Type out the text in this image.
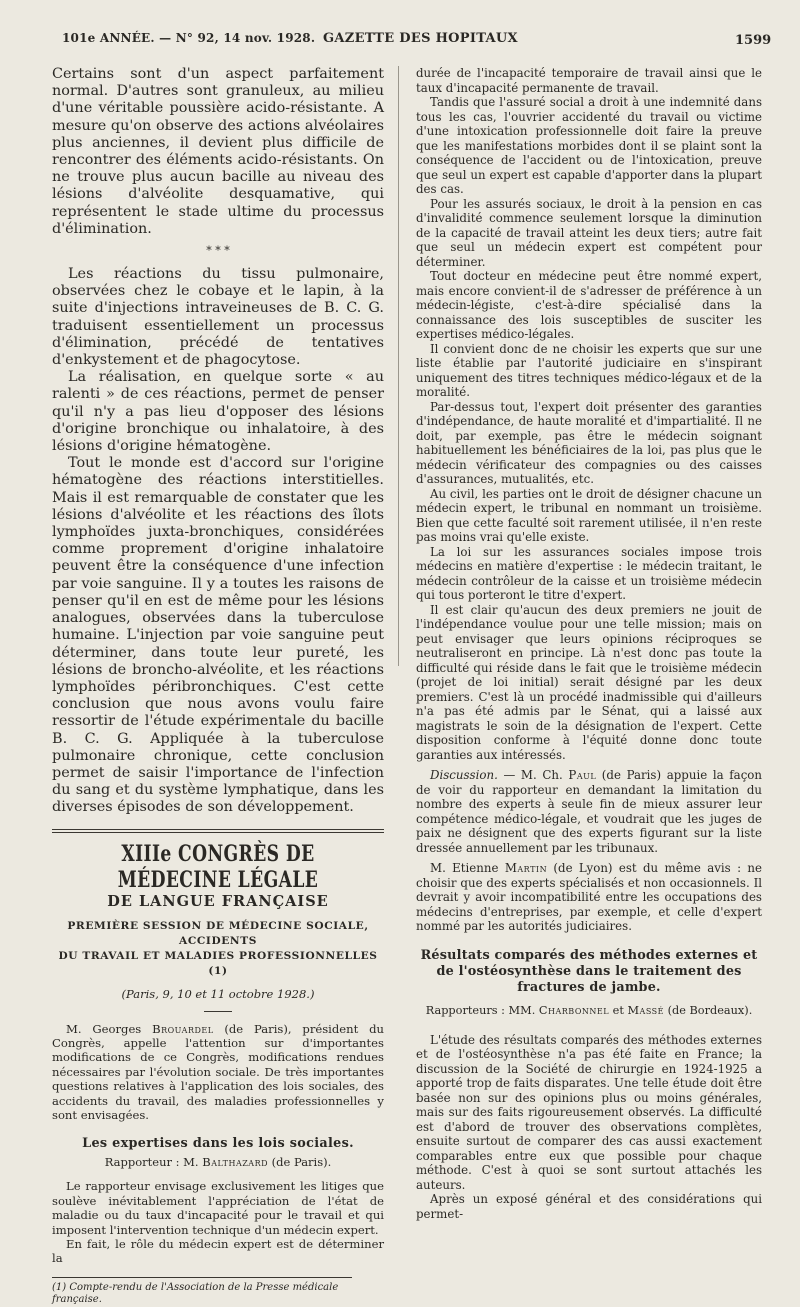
101e ANNÉE. — N° 92, 14 nov. 1928. GAZETTE DES HOPITAUX	1599

Certains sont d'un aspect parfaitement normal. D'autres sont granuleux, au milieu d'une véritable poussière acido-résistante. A mesure qu'on observe des actions alvéolaires plus anciennes, il devient plus difficile de rencontrer des éléments acido-résistants. On ne trouve plus aucun bacille au niveau des lésions d'alvéolite desquamative, qui représentent le stade ultime du processus d'élimination.

* * *

Les réactions du tissu pulmonaire, observées chez le cobaye et le lapin, à la suite d'injections intraveineuses de B. C. G. traduisent essentiellement un processus d'élimination, précédé de tentatives d'enkystement et de phagocytose.

La réalisation, en quelque sorte « au ralenti » de ces réactions, permet de penser qu'il n'y a pas lieu d'opposer des lésions d'origine bronchique ou inhalatoire, à des lésions d'origine hématogène.

Tout le monde est d'accord sur l'origine hématogène des réactions interstitielles. Mais il est remarquable de constater que les lésions d'alvéolite et les réactions des îlots lymphoïdes juxta-bronchiques, considérées comme proprement d'origine inhalatoire peuvent être la conséquence d'une infection par voie sanguine. Il y a toutes les raisons de penser qu'il en est de même pour les lésions analogues, observées dans la tuberculose humaine. L'injection par voie sanguine peut déterminer, dans toute leur pureté, les lésions de broncho-alvéolite, et les réactions lymphoïdes péribronchiques. C'est cette conclusion que nous avons voulu faire ressortir de l'étude expérimentale du bacille B. C. G. Appliquée à la tuberculose pulmonaire chronique, cette conclusion permet de saisir l'importance de l'infection du sang et du système lymphatique, dans les diverses épisodes de son développement.

XIIIe CONGRÈS DE MÉDECINE LÉGALE
DE LANGUE FRANÇAISE
PREMIÈRE SESSION DE MÉDECINE SOCIALE, ACCIDENTS
DU TRAVAIL ET MALADIES PROFESSIONNELLES (1)
(Paris, 9, 10 et 11 octobre 1928.)

M. Georges Brouardel (de Paris), président du Congrès, appelle l'attention sur d'importantes modifications de ce Congrès, modifications rendues nécessaires par l'évolution sociale. De très importantes questions relatives à l'application des lois sociales, des accidents du travail, des maladies professionnelles y sont envisagées.

Les expertises dans les lois sociales.
Rapporteur : M. Balthazard (de Paris).

Le rapporteur envisage exclusivement les litiges que soulève inévitablement l'appréciation de l'état de maladie ou du taux d'incapacité pour le travail et qui imposent l'intervention technique d'un médecin expert.

En fait, le rôle du médecin expert est de déterminer la

(1) Compte-rendu de l'Association de la Presse médicale française.

durée de l'incapacité temporaire de travail ainsi que le taux d'incapacité permanente de travail.

Tandis que l'assuré social a droit à une indemnité dans tous les cas, l'ouvrier accidenté du travail ou victime d'une intoxication professionnelle doit faire la preuve que les manifestations morbides dont il se plaint sont la conséquence de l'accident ou de l'intoxication, preuve que seul un expert est capable d'apporter dans la plupart des cas.

Pour les assurés sociaux, le droit à la pension en cas d'invalidité commence seulement lorsque la diminution de la capacité de travail atteint les deux tiers; autre fait que seul un médecin expert est compétent pour déterminer.

Tout docteur en médecine peut être nommé expert, mais encore convient-il de s'adresser de préférence à un médecin-légiste, c'est-à-dire spécialisé dans la connaissance des lois susceptibles de susciter les expertises médico-légales.

Il convient donc de ne choisir les experts que sur une liste établie par l'autorité judiciaire en s'inspirant uniquement des titres techniques médico-légaux et de la moralité.

Par-dessus tout, l'expert doit présenter des garanties d'indépendance, de haute moralité et d'impartialité. Il ne doit, par exemple, pas être le médecin soignant habituellement les bénéficiaires de la loi, pas plus que le médecin vérificateur des compagnies ou des caisses d'assurances, mutualités, etc.

Au civil, les parties ont le droit de désigner chacune un médecin expert, le tribunal en nommant un troisième. Bien que cette faculté soit rarement utilisée, il n'en reste pas moins vrai qu'elle existe.

La loi sur les assurances sociales impose trois médecins en matière d'expertise : le médecin traitant, le médecin contrôleur de la caisse et un troisième médecin qui tous porteront le titre d'expert.

Il est clair qu'aucun des deux premiers ne jouit de l'indépendance voulue pour une telle mission; mais on peut envisager que leurs opinions réciproques se neutraliseront en principe. Là n'est donc pas toute la difficulté qui réside dans le fait que le troisième médecin (projet de loi initial) serait désigné par les deux premiers. C'est là un procédé inadmissible qui d'ailleurs n'a pas été admis par le Sénat, qui a laissé aux magistrats le soin de la désignation de l'expert. Cette disposition conforme à l'équité donne donc toute garanties aux intéressés.

Discussion. — M. Ch. Paul (de Paris) appuie la façon de voir du rapporteur en demandant la limitation du nombre des experts à seule fin de mieux assurer leur compétence médico-légale, et voudrait que les juges de paix ne désignent que des experts figurant sur la liste dressée annuellement par les tribunaux.

M. Etienne Martin (de Lyon) est du même avis : ne choisir que des experts spécialisés et non occasionnels. Il devrait y avoir incompatibilité entre les occupations des médecins d'entreprises, par exemple, et celle d'expert nommé par les autorités judiciaires.

Résultats comparés des méthodes externes et de l'ostéosynthèse dans le traitement des fractures de jambe.
Rapporteurs : MM. Charbonnel et Massé (de Bordeaux).

L'étude des résultats comparés des méthodes externes et de l'ostéosynthèse n'a pas été faite en France; la discussion de la Société de chirurgie en 1924-1925 a apporté trop de faits disparates. Une telle étude doit être basée non sur des opinions plus ou moins générales, mais sur des faits rigoureusement observés. La difficulté est d'abord de trouver des observations complètes, ensuite surtout de comparer des cas aussi exactement comparables entre eux que possible pour chaque méthode. C'est à quoi se sont surtout attachés les auteurs.

Après un exposé général et des considérations qui permet-
